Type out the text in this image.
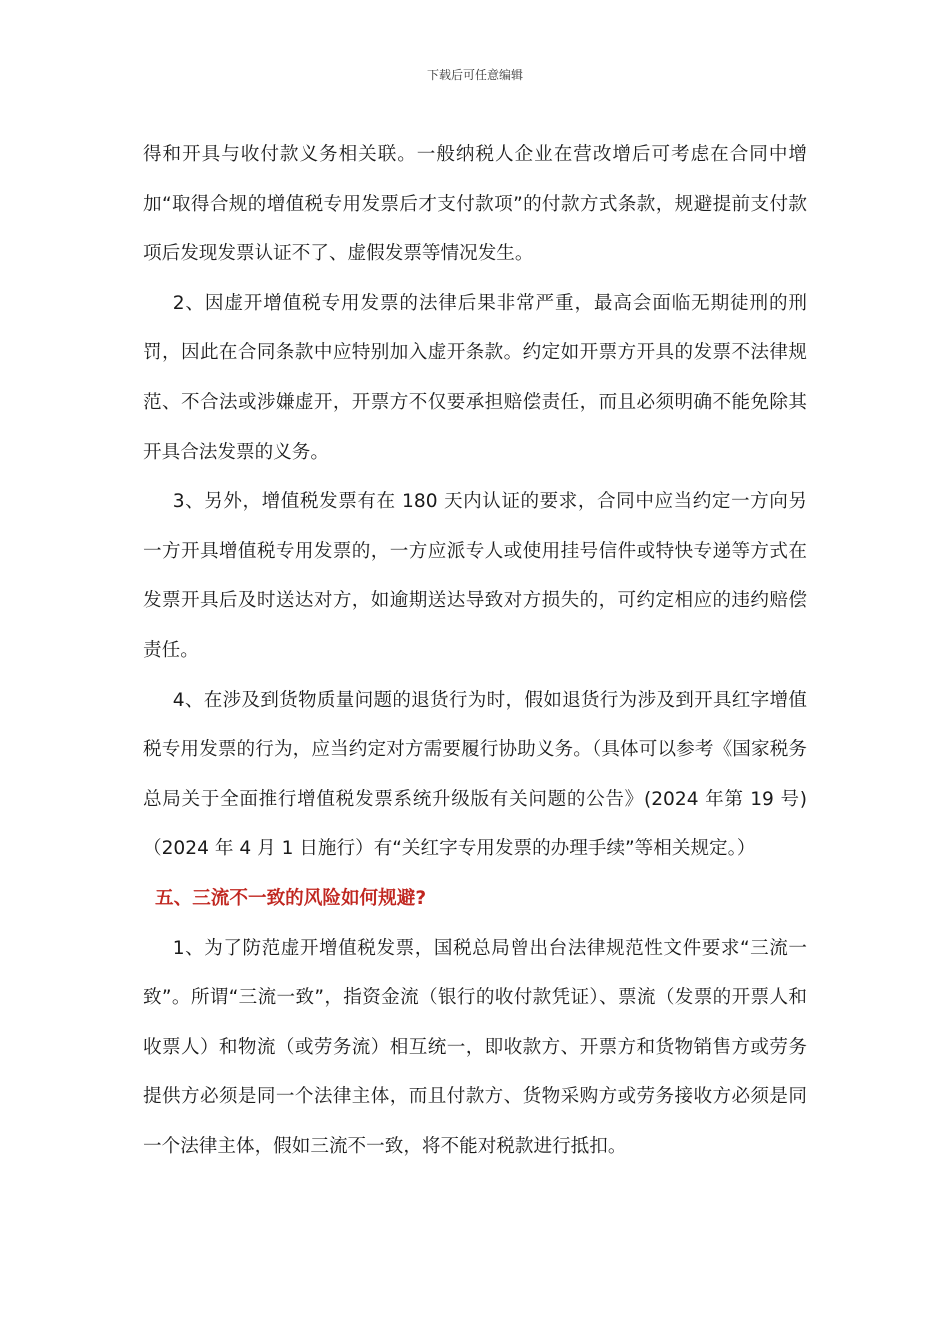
下载后可任意编辑

得和开具与收付款义务相关联。一般纳税人企业在营改增后可考虑在合同中增加“取得合规的增值税专用发票后才支付款项”的付款方式条款，规避提前支付款项后发现发票认证不了、虚假发票等情况发生。

2、因虚开增值税专用发票的法律后果非常严重，最高会面临无期徒刑的刑罚，因此在合同条款中应特别加入虚开条款。约定如开票方开具的发票不法律规范、不合法或涉嫌虚开，开票方不仅要承担赔偿责任，而且必须明确不能免除其开具合法发票的义务。

3、另外，增值税发票有在 180 天内认证的要求，合同中应当约定一方向另一方开具增值税专用发票的，一方应派专人或使用挂号信件或特快专递等方式在发票开具后及时送达对方，如逾期送达导致对方损失的，可约定相应的违约赔偿责任。

4、在涉及到货物质量问题的退货行为时，假如退货行为涉及到开具红字增值税专用发票的行为，应当约定对方需要履行协助义务。（具体可以参考《国家税务总局关于全面推行增值税发票系统升级版有关问题的公告》(2024 年第 19 号)（2024 年 4 月 1 日施行）有“关红字专用发票的办理手续”等相关规定。）

五、三流不一致的风险如何规避?

1、为了防范虚开增值税发票，国税总局曾出台法律规范性文件要求“三流一致”。所谓“三流一致”，指资金流（银行的收付款凭证）、票流（发票的开票人和收票人）和物流（或劳务流）相互统一，即收款方、开票方和货物销售方或劳务提供方必须是同一个法律主体，而且付款方、货物采购方或劳务接收方必须是同一个法律主体，假如三流不一致，将不能对税款进行抵扣。
